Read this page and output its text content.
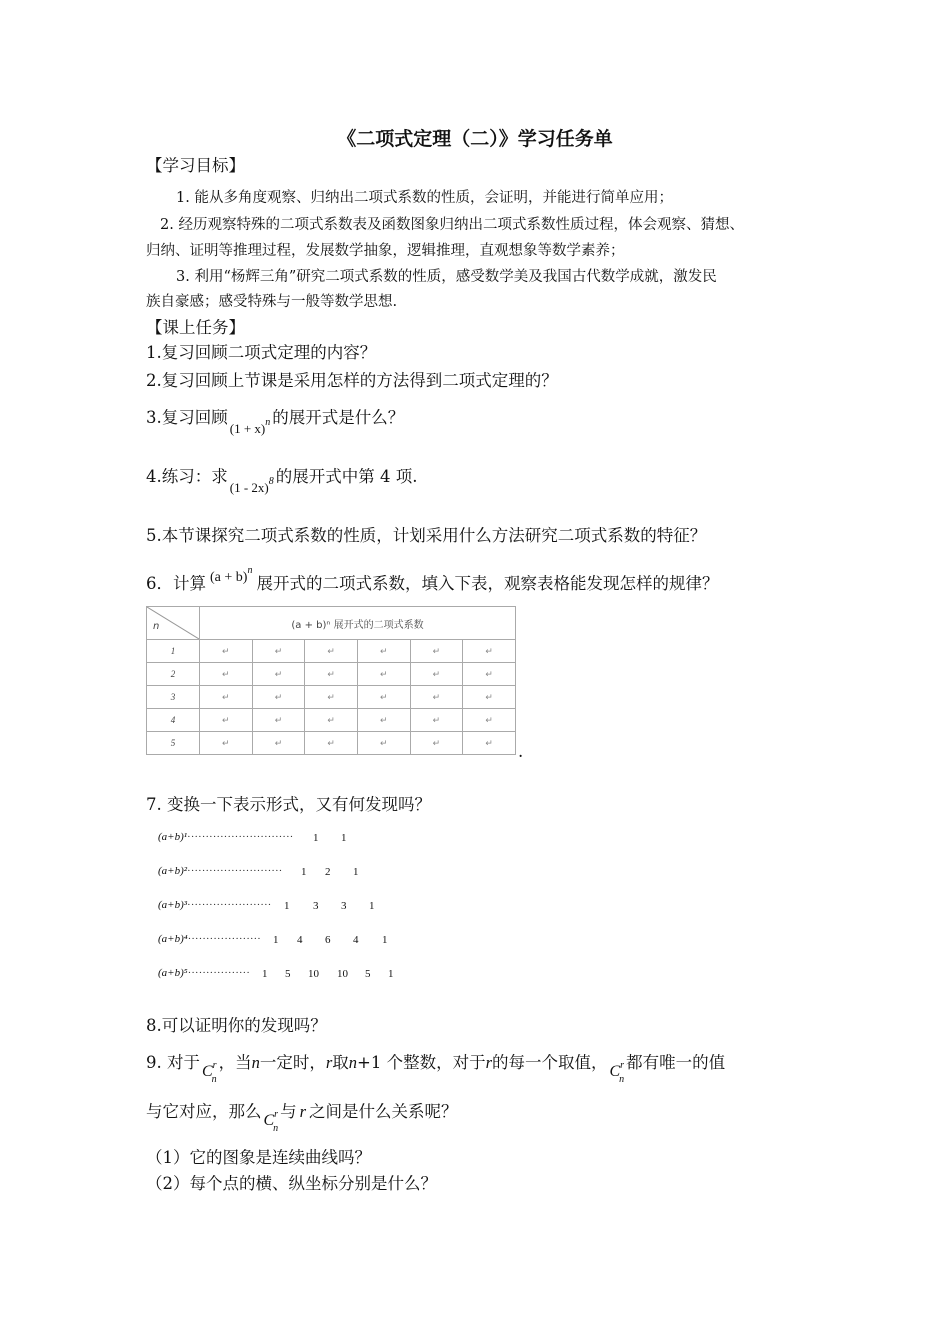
《二项式定理（二）》学习任务单
【学习目标】
1. 能从多角度观察、归纳出二项式系数的性质，会证明，并能进行简单应用；
2. 经历观察特殊的二项式系数表及函数图象归纳出二项式系数性质过程，体会观察、猜想、
归纳、证明等推理过程，发展数学抽象，逻辑推理，直观想象等数学素养；
3. 利用“杨辉三角”研究二项式系数的性质，感受数学美及我国古代数学成就，激发民
族自豪感；感受特殊与一般等数学思想.
【课上任务】
1.复习回顾二项式定理的内容？
2.复习回顾上节课是采用怎样的方法得到二项式定理的？
3.复习回顾$_{(1 + x)^n}$ 的展开式是什么？
4.练习：求$_{(1 - 2x)^8}$ 的展开式中第 4 项.
5.本节课探究二项式系数的性质，计划采用什么方法研究二项式系数的特征？
6．计算 $^{(a + b)^n}$展开式的二项式系数，填入下表，观察表格能发现怎样的规律？
n	(a + b)ⁿ 展开式的二项式系数					
1	↵	↵	↵	↵	↵	↵
2	↵	↵	↵	↵	↵	↵
3	↵	↵	↵	↵	↵	↵
4	↵	↵	↵	↵	↵	↵
5	↵	↵	↵	↵	↵	↵ .
7. 变换一下表示形式，又有何发现吗？
(a+b)¹····························· 1 1
(a+b)²·························· 1 2 1
(a+b)³······················· 1 3 3 1
(a+b)⁴···················· 1 4 6 4 1
(a+b)⁵················· 1 5 10 10 5 1
8.可以证明你的发现吗？
9. 对于 $C^r_n$，当n一定时，r取n+1 个整数，对于r的每一个取值， $C^r_n$都有唯一的值
与它对应，那么 $C^r_n$与 r 之间是什么关系呢？
（1）它的图象是连续曲线吗？
（2）每个点的横、纵坐标分别是什么？
